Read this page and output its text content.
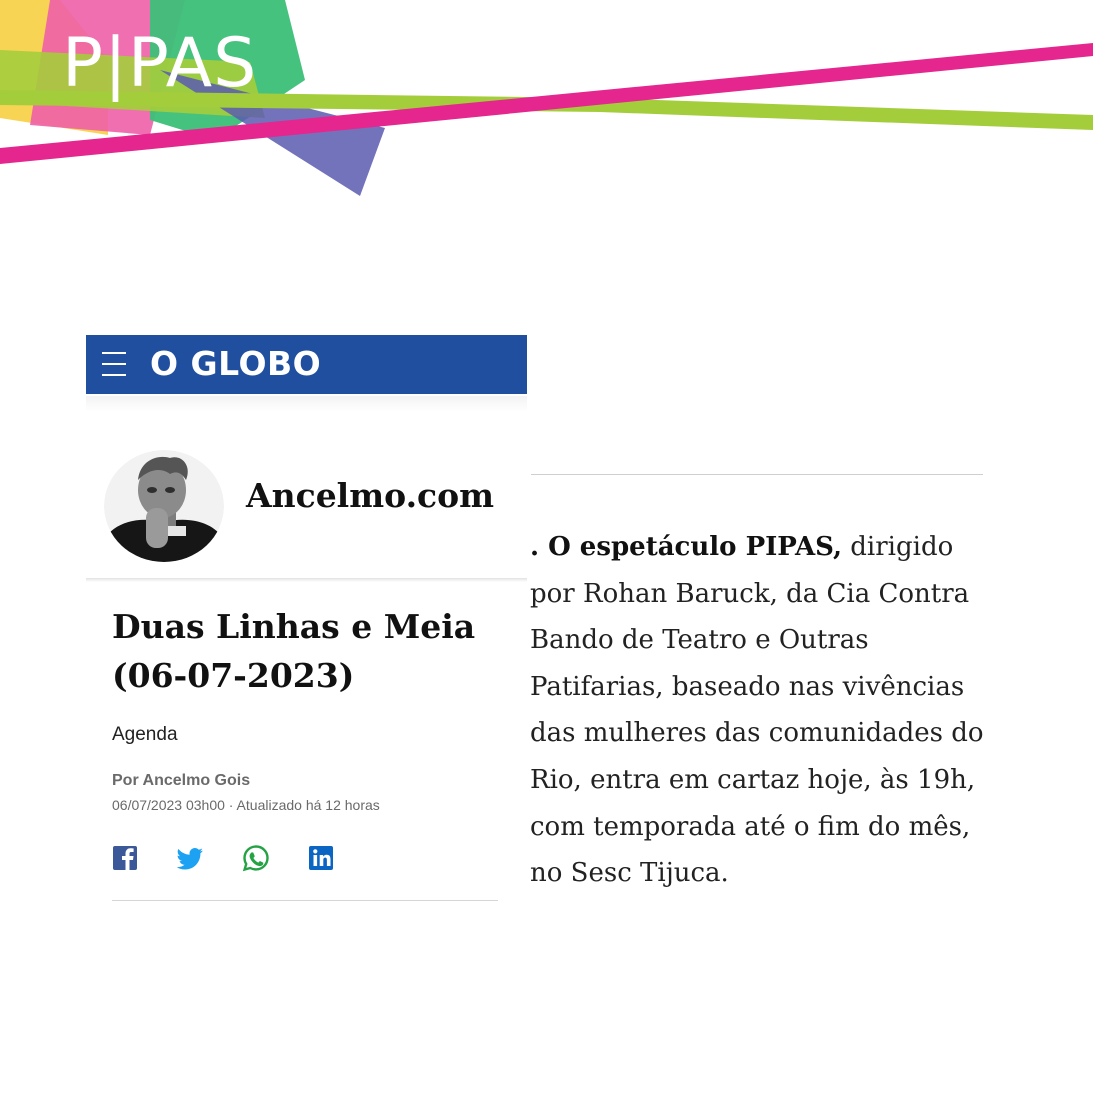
P|PAS
O GLOBO
Ancelmo.com
Duas Linhas e Meia (06-07-2023)
Agenda
Por Ancelmo Gois
06/07/2023 03h00 · Atualizado há 12 horas

. O espetáculo PIPAS, dirigido por Rohan Baruck, da Cia Contra Bando de Teatro e Outras Patifarias, baseado nas vivências das mulheres das comunidades do Rio, entra em cartaz hoje, às 19h, com temporada até o fim do mês, no Sesc Tijuca.
